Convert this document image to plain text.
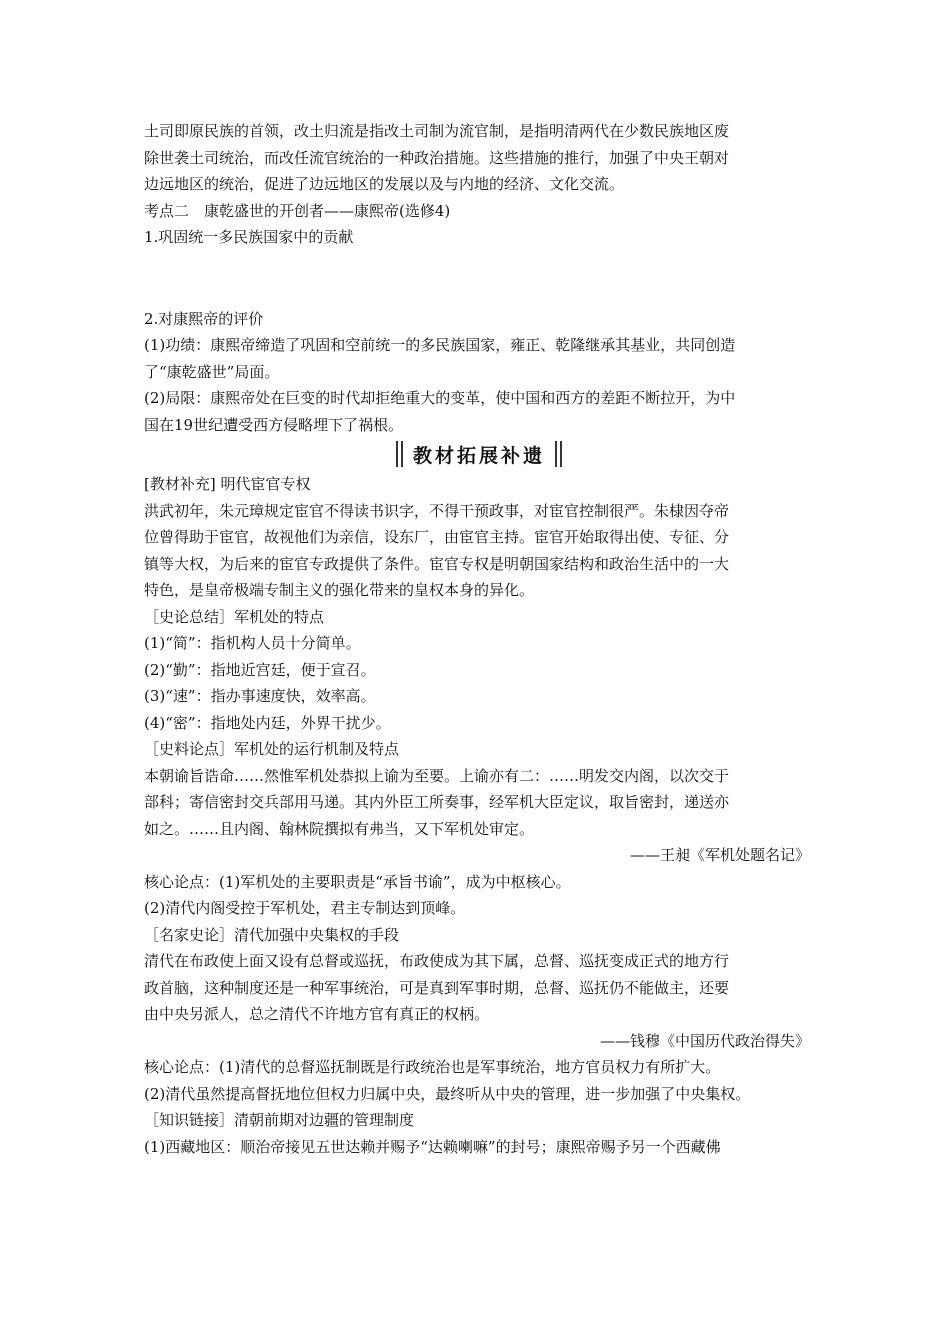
土司即原民族的首领，改土归流是指改土司制为流官制，是指明清两代在少数民族地区废

除世袭土司统治，而改任流官统治的一种政治措施。这些措施的推行，加强了中央王朝对

边远地区的统治，促进了边远地区的发展以及与内地的经济、文化交流。

考点二　康乾盛世的开创者——康熙帝(选修4)

1.巩固统一多民族国家中的贡献

2.对康熙帝的评价

(1)功绩：康熙帝缔造了巩固和空前统一的多民族国家，雍正、乾隆继承其基业，共同创造

了“康乾盛世”局面。

(2)局限：康熙帝处在巨变的时代却拒绝重大的变革，使中国和西方的差距不断拉开，为中

国在19世纪遭受西方侵略埋下了祸根。

教材拓展补遗

[教材补充] 明代宦官专权

洪武初年，朱元璋规定宦官不得读书识字，不得干预政事，对宦官控制很严。朱棣因夺帝

位曾得助于宦官，故视他们为亲信，设东厂，由宦官主持。宦官开始取得出使、专征、分

镇等大权，为后来的宦官专政提供了条件。宦官专权是明朝国家结构和政治生活中的一大

特色，是皇帝极端专制主义的强化带来的皇权本身的异化。

［史论总结］军机处的特点

(1)“简”：指机构人员十分简单。

(2)“勤”：指地近宫廷，便于宣召。

(3)“速”：指办事速度快，效率高。

(4)“密”：指地处内廷，外界干扰少。

［史料论点］军机处的运行机制及特点

本朝谕旨诰命……然惟军机处恭拟上谕为至要。上谕亦有二：……明发交内阁，以次交于

部科；寄信密封交兵部用马递。其内外臣工所奏事，经军机大臣定议，取旨密封，递送亦

如之。……且内阁、翰林院撰拟有弗当，又下军机处审定。

——王昶《军机处题名记》

核心论点：(1)军机处的主要职责是“承旨书谕”，成为中枢核心。

(2)清代内阁受控于军机处，君主专制达到顶峰。

［名家史论］清代加强中央集权的手段

清代在布政使上面又设有总督或巡抚，布政使成为其下属，总督、巡抚变成正式的地方行

政首脑，这种制度还是一种军事统治，可是真到军事时期，总督、巡抚仍不能做主，还要

由中央另派人，总之清代不许地方官有真正的权柄。

——钱穆《中国历代政治得失》

核心论点：(1)清代的总督巡抚制既是行政统治也是军事统治，地方官员权力有所扩大。

(2)清代虽然提高督抚地位但权力归属中央，最终听从中央的管理，进一步加强了中央集权。

［知识链接］清朝前期对边疆的管理制度

(1)西藏地区：顺治帝接见五世达赖并赐予“达赖喇嘛”的封号；康熙帝赐予另一个西藏佛
